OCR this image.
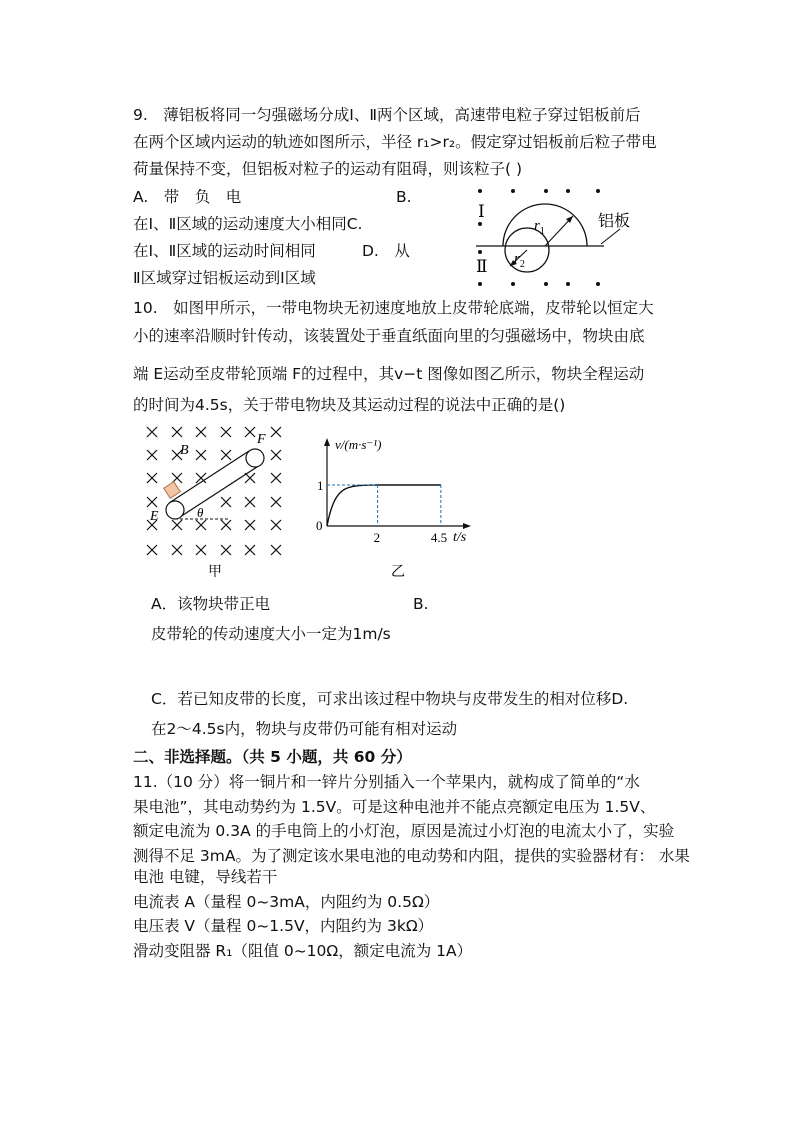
9.　薄铝板将同一匀强磁场分成Ⅰ、Ⅱ两个区域，高速带电粒子穿过铝板前后
在两个区域内运动的轨迹如图所示，半径 r₁>r₂。假定穿过铝板前后粒子带电
荷量保持不变，但铝板对粒子的运动有阻碍，则该粒子( )
A.　带　负　电	B.
在Ⅰ、Ⅱ区域的运动速度大小相同C.
在Ⅰ、Ⅱ区域的运动时间相同	D.　从
Ⅱ区域穿过铝板运动到Ⅰ区域
Ⅰ
Ⅱ
$r_1$
$r_2$
铝板
10.　如图甲所示，一带电物块无初速度地放上皮带轮底端，皮带轮以恒定大
小的速率沿顺时针传动，该装置处于垂直纸面向里的匀强磁场中，物块由底
端 E运动至皮带轮顶端 F的过程中，其v−t 图像如图乙所示，物块全程运动
的时间为4.5s，关于带电物块及其运动过程的说法中正确的是()
B
E
F
θ
甲
v/(m·s⁻¹)
t/s
0
1
2	4.5
乙
A．该物块带正电	B.
皮带轮的传动速度大小一定为1m/s
C．若已知皮带的长度，可求出该过程中物块与皮带发生的相对位移D.
在2～4.5s内，物块与皮带仍可能有相对运动
二、非选择题。（共 5 小题，共 60 分）
11.（10 分）将一铜片和一锌片分别插入一个苹果内，就构成了简单的“水
果电池”，其电动势约为 1.5V。可是这种电池并不能点亮额定电压为 1.5V、
额定电流为 0.3A 的手电筒上的小灯泡，原因是流过小灯泡的电流太小了，实验
测得不足 3mA。为了测定该水果电池的电动势和内阻，提供的实验器材有： 水果
电池 电键，导线若干
电流表 A（量程 0~3mA，内阻约为 0.5Ω）
电压表 V（量程 0~1.5V，内阻约为 3kΩ）
滑动变阻器 R₁（阻值 0~10Ω，额定电流为 1A）
